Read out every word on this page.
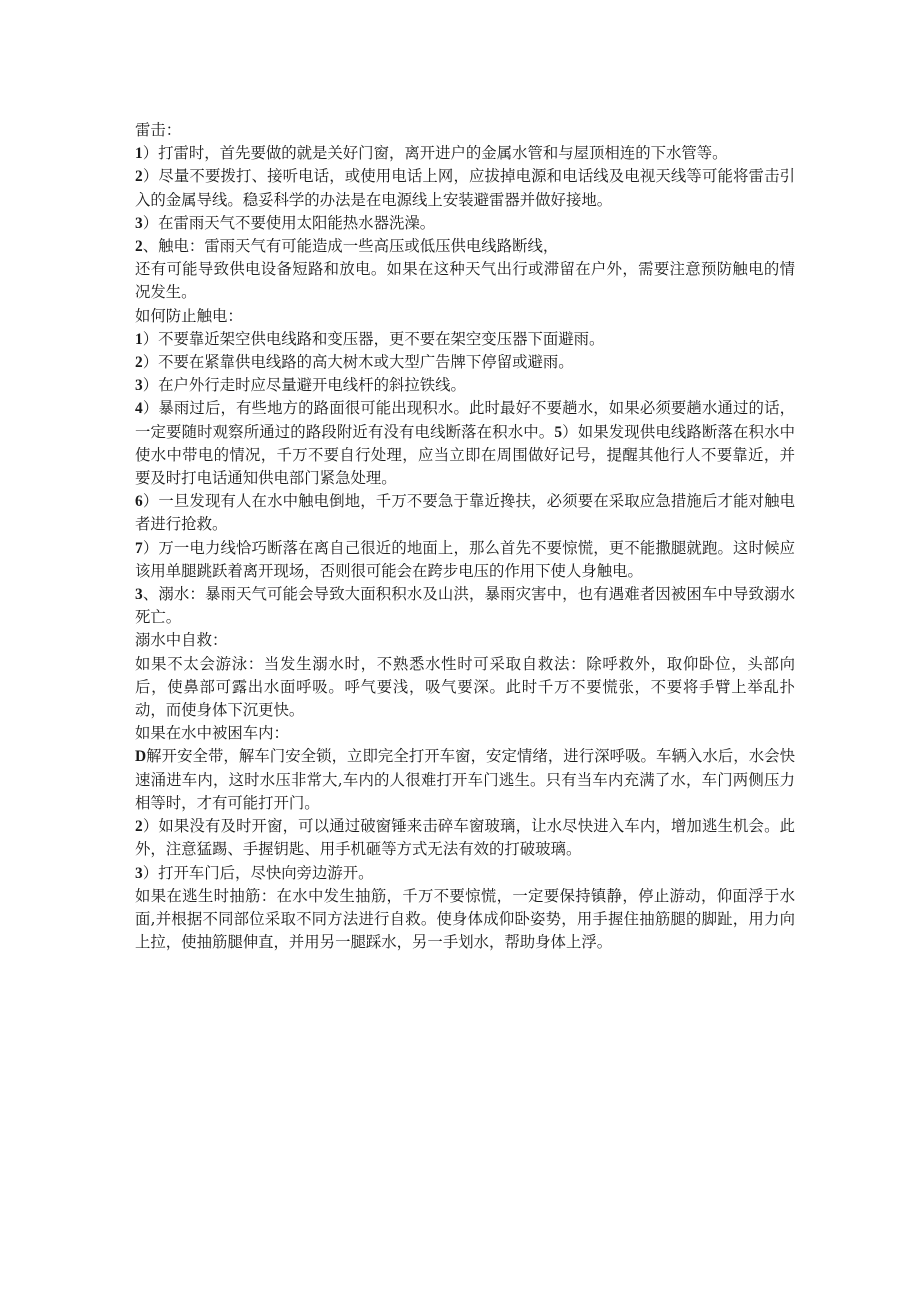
雷击：

1）打雷时，首先要做的就是关好门窗，离开进户的金属水管和与屋顶相连的下水管等。

2）尽量不要拨打、接听电话，或使用电话上网，应拔掉电源和电话线及电视天线等可能将雷击引入的金属导线。稳妥科学的办法是在电源线上安装避雷器并做好接地。

3）在雷雨天气不要使用太阳能热水器洗澡。

2、触电：雷雨天气有可能造成一些高压或低压供电线路断线，

还有可能导致供电设备短路和放电。如果在这种天气出行或滞留在户外，需要注意预防触电的情况发生。

如何防止触电：

1）不要靠近架空供电线路和变压器，更不要在架空变压器下面避雨。

2）不要在紧靠供电线路的高大树木或大型广告牌下停留或避雨。

3）在户外行走时应尽量避开电线杆的斜拉铁线。

4）暴雨过后，有些地方的路面很可能出现积水。此时最好不要趟水，如果必须要趟水通过的话，一定要随时观察所通过的路段附近有没有电线断落在积水中。5）如果发现供电线路断落在积水中使水中带电的情况，千万不要自行处理，应当立即在周围做好记号，提醒其他行人不要靠近，并要及时打电话通知供电部门紧急处理。

6）一旦发现有人在水中触电倒地，千万不要急于靠近搀扶，必须要在采取应急措施后才能对触电者进行抢救。

7）万一电力线恰巧断落在离自己很近的地面上，那么首先不要惊慌，更不能撒腿就跑。这时候应该用单腿跳跃着离开现场，否则很可能会在跨步电压的作用下使人身触电。

3、溺水：暴雨天气可能会导致大面积积水及山洪，暴雨灾害中，也有遇难者因被困车中导致溺水死亡。

溺水中自救：

如果不太会游泳：当发生溺水时，不熟悉水性时可采取自救法：除呼救外，取仰卧位，头部向后，使鼻部可露出水面呼吸。呼气要浅，吸气要深。此时千万不要慌张，不要将手臂上举乱扑动，而使身体下沉更快。

如果在水中被困车内：

D解开安全带，解车门安全锁，立即完全打开车窗，安定情绪，进行深呼吸。车辆入水后，水会快速涌进车内，这时水压非常大,车内的人很难打开车门逃生。只有当车内充满了水，车门两侧压力相等时，才有可能打开门。

2）如果没有及时开窗，可以通过破窗锤来击碎车窗玻璃，让水尽快进入车内，增加逃生机会。此外，注意猛踢、手握钥匙、用手机砸等方式无法有效的打破玻璃。

3）打开车门后，尽快向旁边游开。

如果在逃生时抽筋：在水中发生抽筋，千万不要惊慌，一定要保持镇静，停止游动，仰面浮于水面,并根据不同部位采取不同方法进行自救。使身体成仰卧姿势，用手握住抽筋腿的脚趾，用力向上拉，使抽筋腿伸直，并用另一腿踩水，另一手划水，帮助身体上浮。
